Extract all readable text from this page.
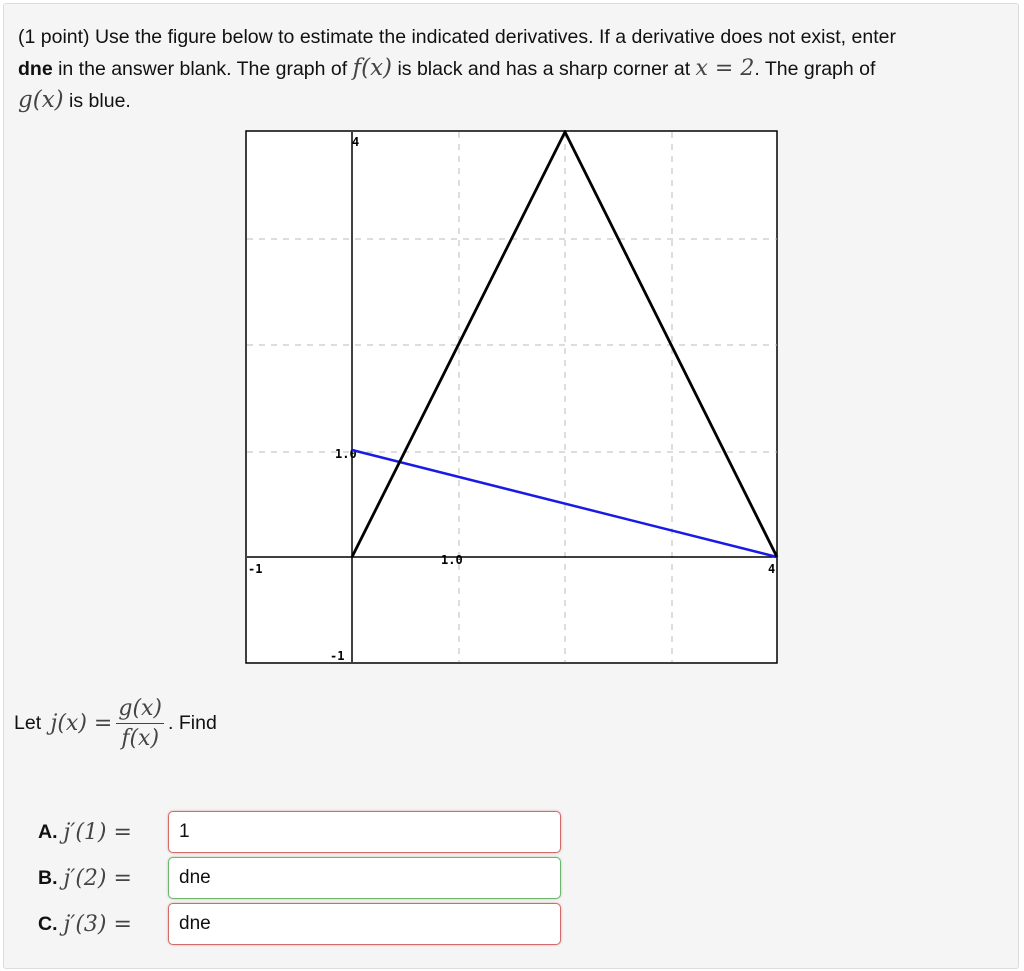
(1 point) Use the figure below to estimate the indicated derivatives. If a derivative does not exist, enter
dne in the answer blank. The graph of f(x) is black and has a sharp corner at x = 2. The graph of
g(x) is blue.
4
1.0
-1
-1
1.0
4
Let $j(x) = \frac{g(x)}{f(x)}$ . Find
A. j′(1) =
1
B. j′(2) =
dne
C. j′(3) =
dne
